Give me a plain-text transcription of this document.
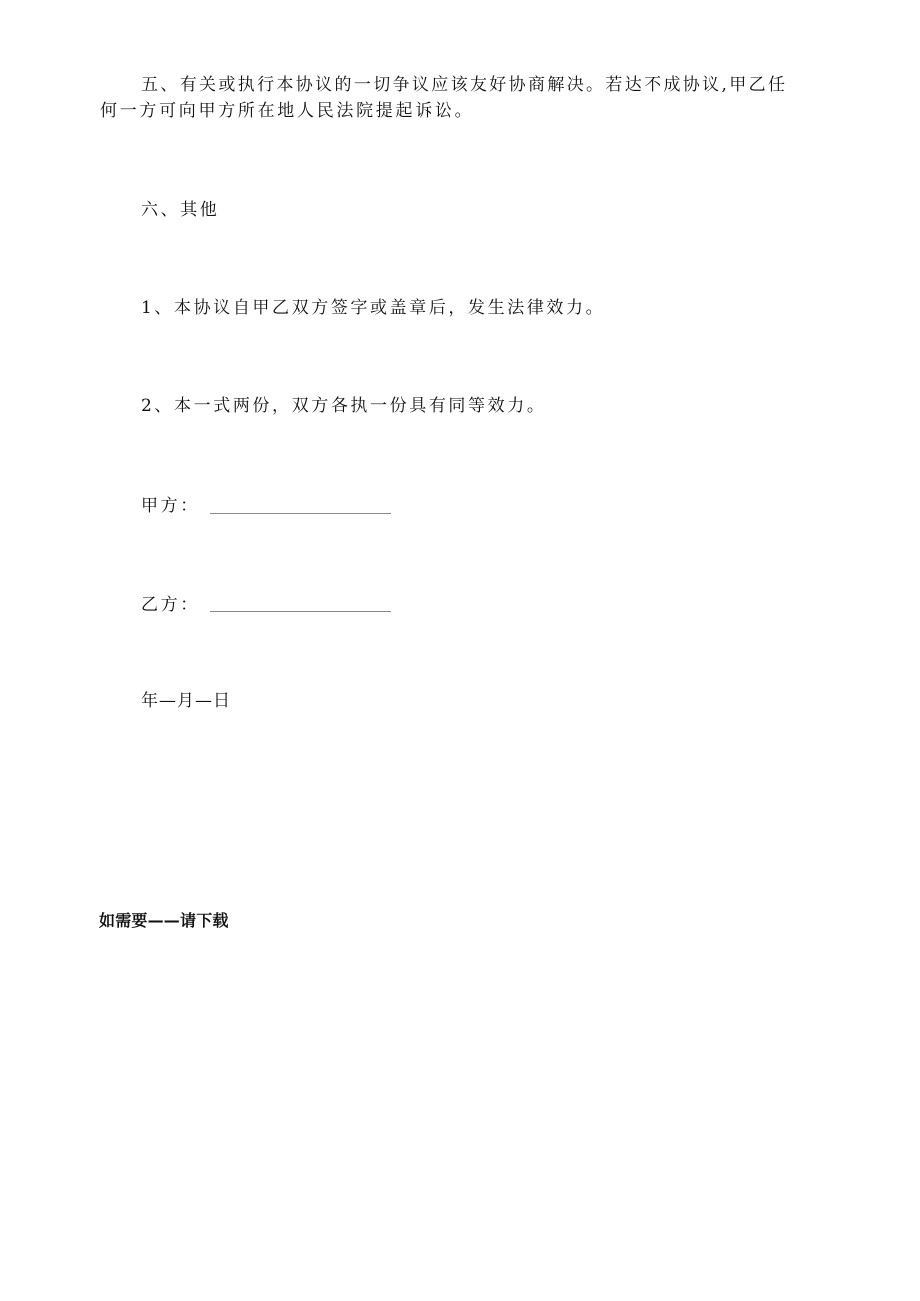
五、有关或执行本协议的一切争议应该友好协商解决。若达不成协议,甲乙任
何一方可向甲方所在地人民法院提起诉讼。
六、其他
1、本协议自甲乙双方签字或盖章后，发生法律效力。
2、本一式两份，双方各执一份具有同等效力。
甲方：
乙方：
年—月—日
如需要——请下载
